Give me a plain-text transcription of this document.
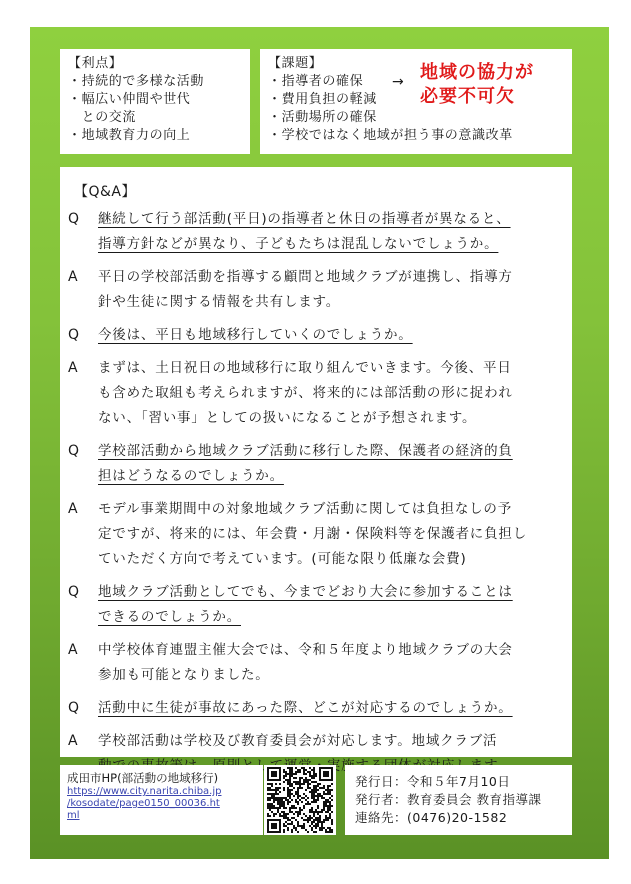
【利点】
・持続的で多様な活動
・幅広い仲間や世代
　との交流
・地域教育力の向上
【課題】
・指導者の確保
・費用負担の軽減
・活動場所の確保
・学校ではなく地域が担う事の意識改革
→ 地域の協力が
必要不可欠
【Q&A】
Q	継続して行う部活動(平日)の指導者と休日の指導者が異なると、
指導方針などが異なり、子どもたちは混乱しないでしょうか。
A	平日の学校部活動を指導する顧問と地域クラブが連携し、指導方
針や生徒に関する情報を共有します。
Q	今後は、平日も地域移行していくのでしょうか。
A	まずは、土日祝日の地域移行に取り組んでいきます。今後、平日
も含めた取組も考えられますが、将来的には部活動の形に捉われ
ない、「習い事」としての扱いになることが予想されます。
Q	学校部活動から地域クラブ活動に移行した際、保護者の経済的負
担はどうなるのでしょうか。
A	モデル事業期間中の対象地域クラブ活動に関しては負担なしの予
定ですが、将来的には、年会費・月謝・保険料等を保護者に負担し
ていただく方向で考えています。(可能な限り低廉な会費)
Q	地域クラブ活動としてでも、今までどおり大会に参加することは
できるのでしょうか。
A	中学校体育連盟主催大会では、令和５年度より地域クラブの大会
参加も可能となりました。
Q	活動中に生徒が事故にあった際、どこが対応するのでしょうか。
A	学校部活動は学校及び教育委員会が対応します。地域クラブ活

成田市HP(部活動の地域移行)
https://www.city.narita.chiba.jp
/kosodate/page0150_00036.ht
ml
発行日：令和５年7月10日
発行者：教育委員会 教育指導課
連絡先：(0476)20-1582
